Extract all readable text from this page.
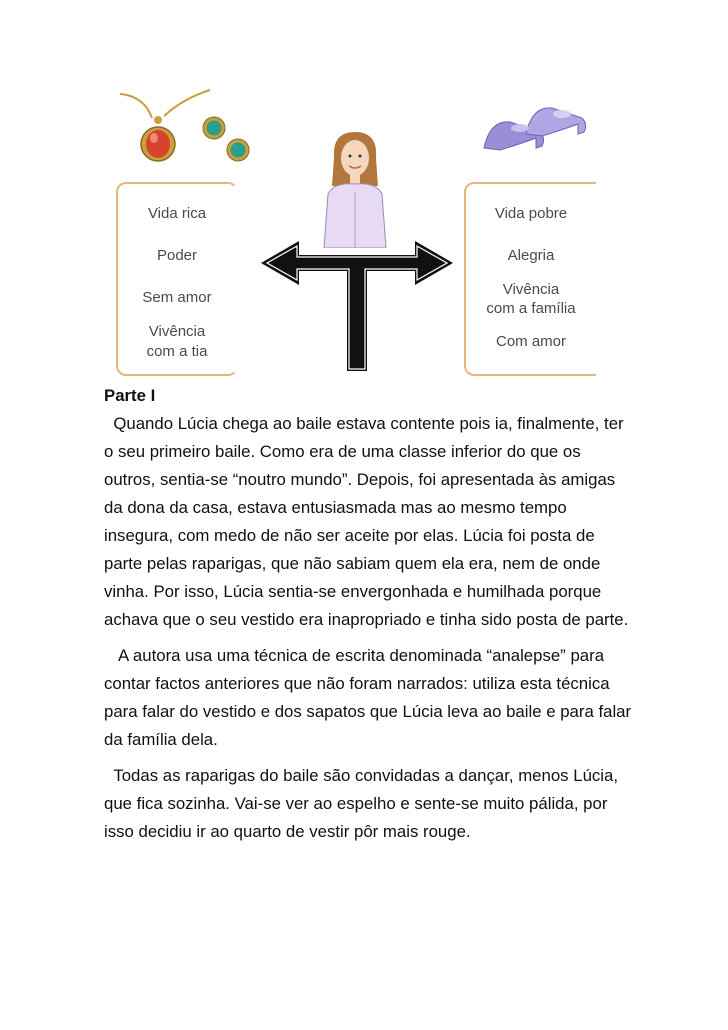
Vida rica
Poder
Sem amor
Vivência
com a tia
Vida pobre
Alegria
Vivência
com a família
Com amor
Parte I

Quando Lúcia chega ao baile estava contente pois ia, finalmente, ter o seu primeiro baile. Como era de uma classe inferior do que os outros, sentia-se “noutro mundo”. Depois, foi apresentada às amigas da dona da casa, estava entusiasmada mas ao mesmo tempo insegura, com medo de não ser aceite por elas. Lúcia foi posta de parte pelas raparigas, que não sabiam quem ela era, nem de onde vinha. Por isso, Lúcia sentia-se envergonhada e humilhada porque achava que o seu vestido era inapropriado e tinha sido posta de parte.

A autora usa uma técnica de escrita denominada “analepse” para contar factos anteriores que não foram narrados: utiliza esta técnica para falar do vestido e dos sapatos que Lúcia leva ao baile e para falar da família dela.

Todas as raparigas do baile são convidadas a dançar, menos Lúcia, que fica sozinha. Vai-se ver ao espelho e sente-se muito pálida, por isso decidiu ir ao quarto de vestir pôr mais rouge.
